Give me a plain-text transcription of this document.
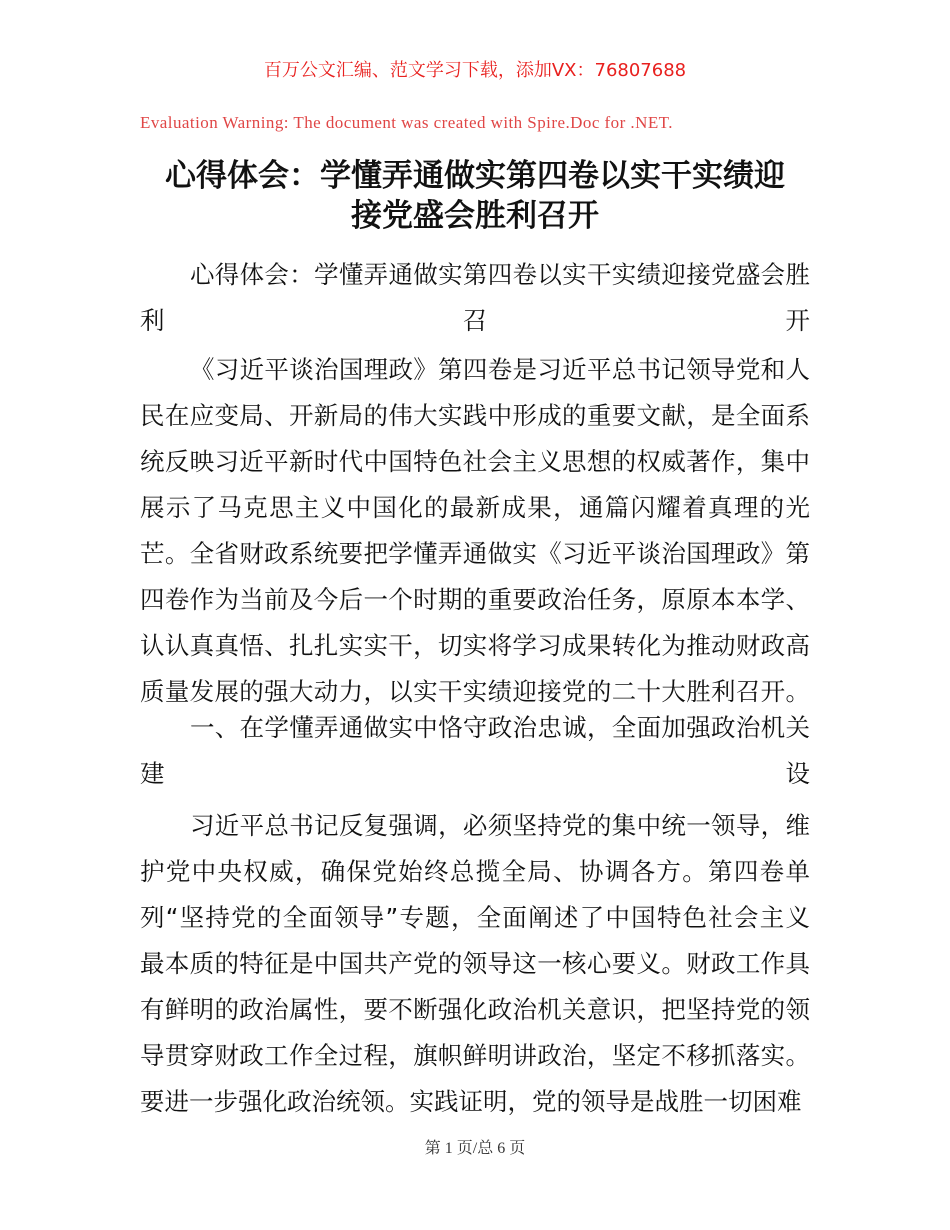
百万公文汇编、范文学习下载，添加VX：76807688
Evaluation Warning: The document was created with Spire.Doc for .NET.
心得体会：学懂弄通做实第四卷以实干实绩迎
接党盛会胜利召开
心得体会：学懂弄通做实第四卷以实干实绩迎接党盛会胜
利召开
《习近平谈治国理政》第四卷是习近平总书记领导党和人
民在应变局、开新局的伟大实践中形成的重要文献，是全面系
统反映习近平新时代中国特色社会主义思想的权威著作，集中
展示了马克思主义中国化的最新成果，通篇闪耀着真理的光
芒。全省财政系统要把学懂弄通做实《习近平谈治国理政》第
四卷作为当前及今后一个时期的重要政治任务，原原本本学、
认认真真悟、扎扎实实干，切实将学习成果转化为推动财政高
质量发展的强大动力，以实干实绩迎接党的二十大胜利召开。
一、在学懂弄通做实中恪守政治忠诚，全面加强政治机关
建设
习近平总书记反复强调，必须坚持党的集中统一领导，维
护党中央权威，确保党始终总揽全局、协调各方。第四卷单
列“坚持党的全面领导”专题，全面阐述了中国特色社会主义
最本质的特征是中国共产党的领导这一核心要义。财政工作具
有鲜明的政治属性，要不断强化政治机关意识，把坚持党的领
导贯穿财政工作全过程，旗帜鲜明讲政治，坚定不移抓落实。
要进一步强化政治统领。实践证明，党的领导是战胜一切困难
第 1 页/总 6 页
